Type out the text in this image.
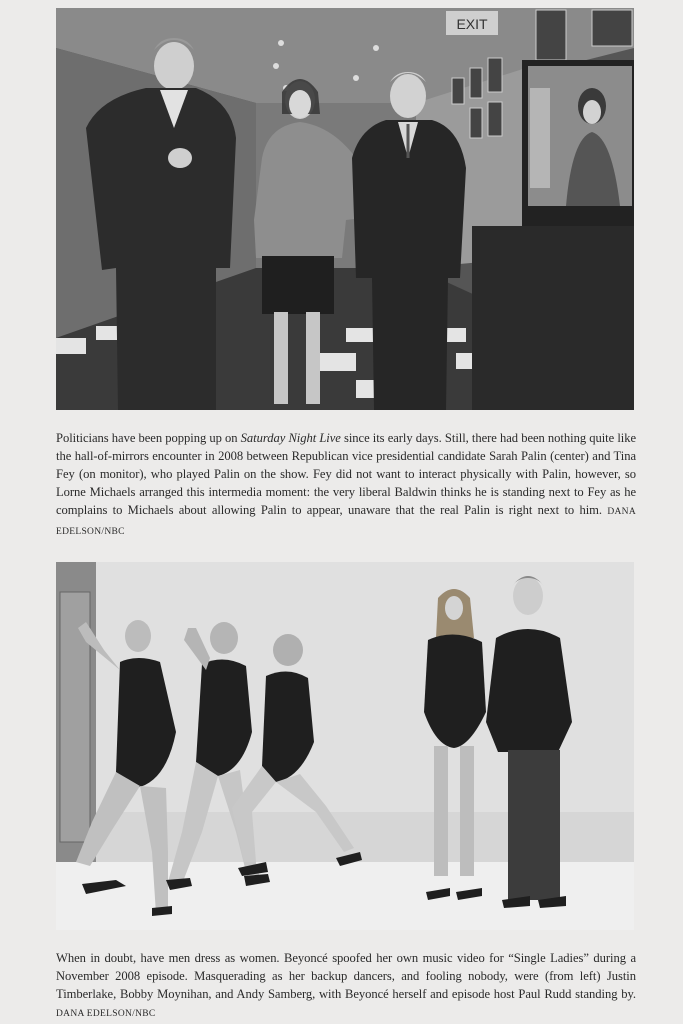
EXIT

Politicians have been popping up on Saturday Night Live since its early days. Still, there had been nothing quite like the hall-of-mirrors encounter in 2008 between Republican vice presidential candidate Sarah Palin (center) and Tina Fey (on monitor), who played Palin on the show. Fey did not want to interact physically with Palin, however, so Lorne Michaels arranged this intermedia moment: the very liberal Baldwin thinks he is standing next to Fey as he complains to Michaels about allowing Palin to appear, unaware that the real Palin is right next to him. DANA EDELSON/NBC

When in doubt, have men dress as women. Beyoncé spoofed her own music video for “Single Ladies” during a November 2008 episode. Masquerading as her backup dancers, and fooling nobody, were (from left) Justin Timberlake, Bobby Moynihan, and Andy Samberg, with Beyoncé herself and episode host Paul Rudd standing by. DANA EDELSON/NBC
